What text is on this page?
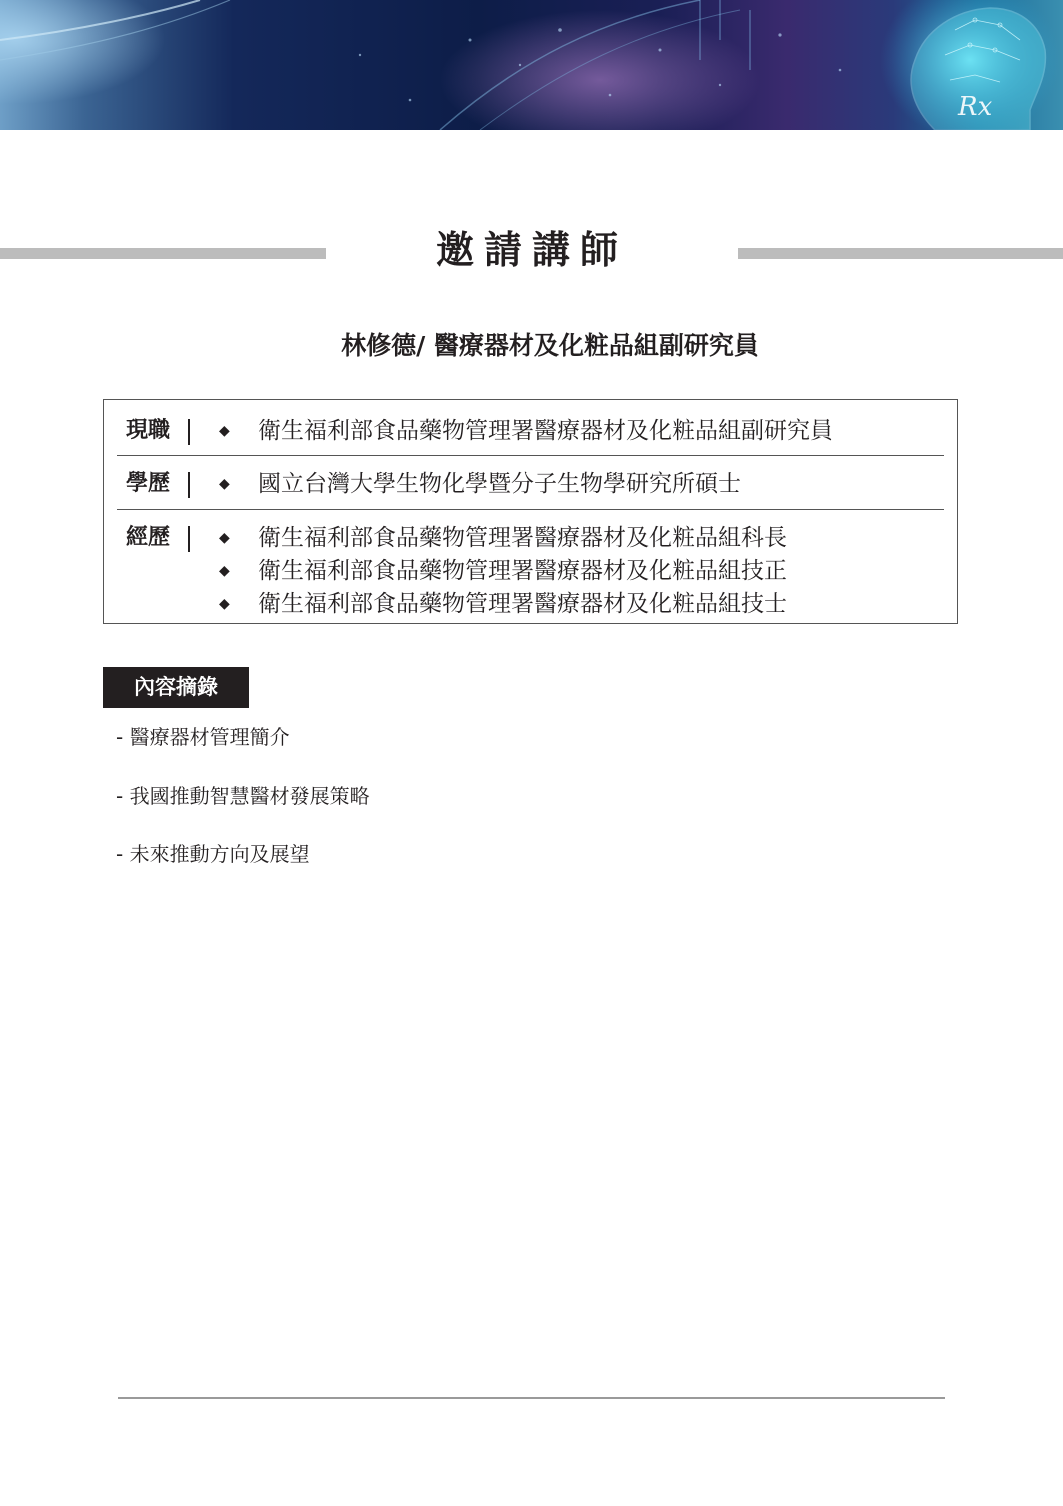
Rx
邀請講師
林修德/ 醫療器材及化粧品組副研究員
現職	◆ 衛生福利部食品藥物管理署醫療器材及化粧品組副研究員
學歷	◆ 國立台灣大學生物化學暨分子生物學研究所碩士
經歷	◆ 衛生福利部食品藥物管理署醫療器材及化粧品組科長
◆ 衛生福利部食品藥物管理署醫療器材及化粧品組技正
◆ 衛生福利部食品藥物管理署醫療器材及化粧品組技士
內容摘錄
- 醫療器材管理簡介
- 我國推動智慧醫材發展策略
- 未來推動方向及展望
